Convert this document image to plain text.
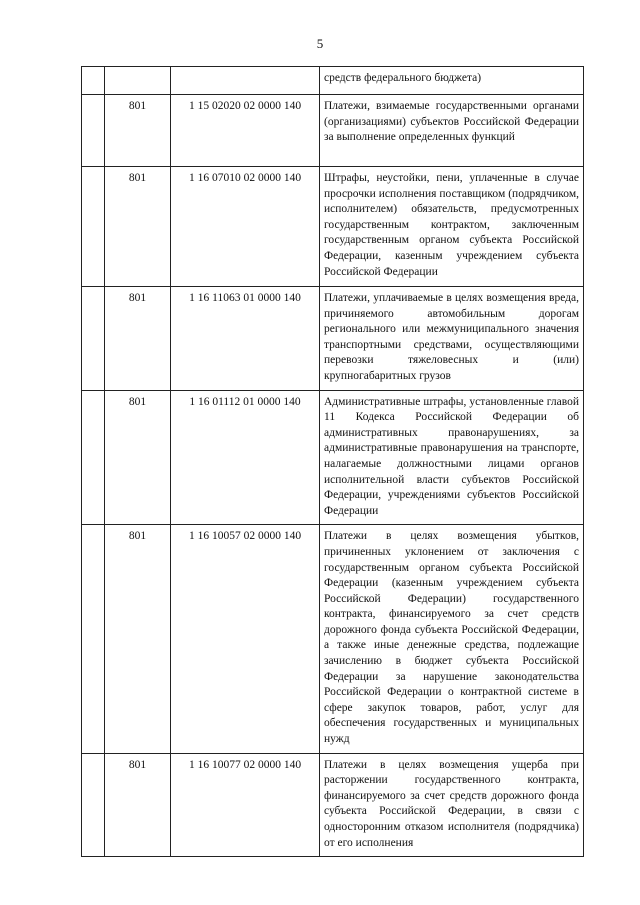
5
			средств федерального бюджета)
	801	1 15 02020 02 0000 140	Платежи, взимаемые государственными органами (организациями) субъектов Российской Федерации за выполнение определенных функций
	801	1 16 07010 02 0000 140	Штрафы, неустойки, пени, уплаченные в случае просрочки исполнения поставщиком (подрядчиком, исполнителем) обязательств, предусмотренных государственным контрактом, заключенным государственным органом субъекта Российской Федерации, казенным учреждением субъекта Российской Федерации
	801	1 16 11063 01 0000 140	Платежи, уплачиваемые в целях возмещения вреда, причиняемого автомобильным дорогам регионального или межмуниципального значения транспортными средствами, осуществляющими перевозки тяжеловесных и (или) крупногабаритных грузов
	801	1 16 01112 01 0000 140	Административные штрафы, установленные главой 11 Кодекса Российской Федерации об административных правонарушениях, за административные правонарушения на транспорте, налагаемые должностными лицами органов исполнительной власти субъектов Российской Федерации, учреждениями субъектов Российской Федерации
	801	1 16 10057 02 0000 140	Платежи в целях возмещения убытков, причиненных уклонением от заключения с государственным органом субъекта Российской Федерации (казенным учреждением субъекта Российской Федерации) государственного контракта, финансируемого за счет средств дорожного фонда субъекта Российской Федерации, а также иные денежные средства, подлежащие зачислению в бюджет субъекта Российской Федерации за нарушение законодательства Российской Федерации о контрактной системе в сфере закупок товаров, работ, услуг для обеспечения государственных и муниципальных нужд
	801	1 16 10077 02 0000 140	Платежи в целях возмещения ущерба при расторжении государственного контракта, финансируемого за счет средств дорожного фонда субъекта Российской Федерации, в связи с односторонним отказом исполнителя (подрядчика) от его исполнения
